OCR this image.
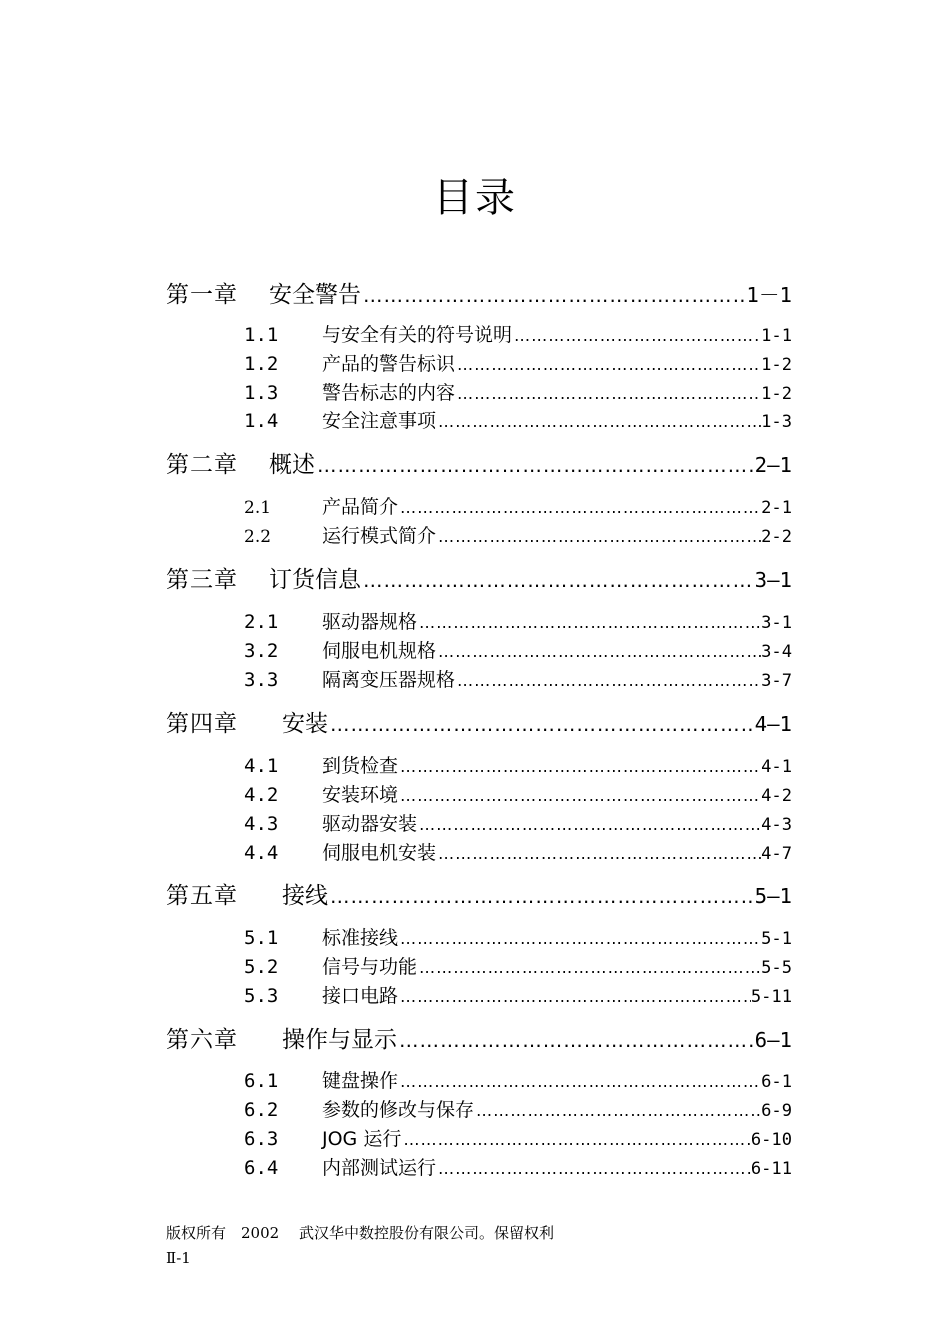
目录
第一章	安全警告 ……………………………………………………………………………………………………………………………………………………	1－1
1.1	与安全有关的符号说明 ……………………………………………………………………………………………………………………………………………………	1-1
1.2	产品的警告标识 ……………………………………………………………………………………………………………………………………………………	1-2
1.3	警告标志的内容 ……………………………………………………………………………………………………………………………………………………	1-2
1.4	安全注意事项 ……………………………………………………………………………………………………………………………………………………	1-3
第二章	概述 ……………………………………………………………………………………………………………………………………………………	2—1
2.1	产品简介 ……………………………………………………………………………………………………………………………………………………	2-1
2.2	运行模式简介 ……………………………………………………………………………………………………………………………………………………	2-2
第三章	订货信息 ……………………………………………………………………………………………………………………………………………………	3—1
2.1	驱动器规格 ……………………………………………………………………………………………………………………………………………………	3-1
3.2	伺服电机规格 ……………………………………………………………………………………………………………………………………………………	3-4
3.3	隔离变压器规格 ……………………………………………………………………………………………………………………………………………………	3-7
第四章	安装 ……………………………………………………………………………………………………………………………………………………	4—1
4.1	到货检查 ……………………………………………………………………………………………………………………………………………………	4-1
4.2	安装环境 ……………………………………………………………………………………………………………………………………………………	4-2
4.3	驱动器安装 ……………………………………………………………………………………………………………………………………………………	4-3
4.4	伺服电机安装 ……………………………………………………………………………………………………………………………………………………	4-7
第五章	接线 ……………………………………………………………………………………………………………………………………………………	5—1
5.1	标准接线 ……………………………………………………………………………………………………………………………………………………	5-1
5.2	信号与功能 ……………………………………………………………………………………………………………………………………………………	5-5
5.3	接口电路 ……………………………………………………………………………………………………………………………………………………	5-11
第六章	操作与显示 ……………………………………………………………………………………………………………………………………………………	6—1
6.1	键盘操作 ……………………………………………………………………………………………………………………………………………………	6-1
6.2	参数的修改与保存 ……………………………………………………………………………………………………………………………………………………	6-9
6.3	JOG 运行 ……………………………………………………………………………………………………………………………………………………	6-10
6.4	内部测试运行 ……………………………………………………………………………………………………………………………………………………	6-11
版权所有　2002　 武汉华中数控股份有限公司。保留权利
Ⅱ-1
